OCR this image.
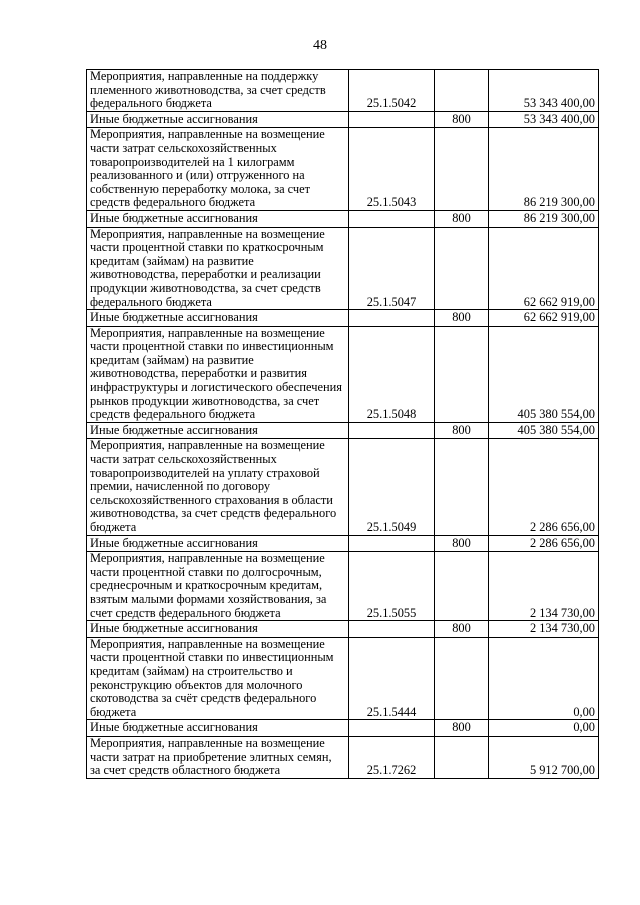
48
Мероприятия, направленные на поддержку племенного животноводства, за счет средств федерального бюджета	25.1.5042		53 343 400,00
Иные бюджетные ассигнования		800	53 343 400,00
Мероприятия, направленные на возмещение части затрат сельскохозяйственных товаропроизводителей на 1 килограмм реализованного и (или) отгруженного на собственную переработку молока, за счет средств федерального бюджета	25.1.5043		86 219 300,00
Иные бюджетные ассигнования		800	86 219 300,00
Мероприятия, направленные на возмещение части процентной ставки по краткосрочным кредитам (займам) на развитие животноводства, переработки и реализации продукции животноводства, за счет средств федерального бюджета	25.1.5047		62 662 919,00
Иные бюджетные ассигнования		800	62 662 919,00
Мероприятия, направленные на возмещение части процентной ставки по инвестиционным кредитам (займам) на развитие животноводства, переработки и развития инфраструктуры и логистического обеспечения рынков продукции животноводства, за счет средств федерального бюджета	25.1.5048		405 380 554,00
Иные бюджетные ассигнования		800	405 380 554,00
Мероприятия, направленные на возмещение части затрат сельскохозяйственных товаропроизводителей на уплату страховой премии, начисленной по договору сельскохозяйственного страхования в области животноводства, за счет средств федерального бюджета	25.1.5049		2 286 656,00
Иные бюджетные ассигнования		800	2 286 656,00
Мероприятия, направленные на возмещение части процентной ставки по долгосрочным, среднесрочным и краткосрочным кредитам, взятым малыми формами хозяйствования, за счет средств федерального бюджета	25.1.5055		2 134 730,00
Иные бюджетные ассигнования		800	2 134 730,00
Мероприятия, направленные на возмещение части процентной ставки по инвестиционным кредитам (займам) на строительство и реконструкцию объектов для молочного скотоводства за счёт средств федерального бюджета	25.1.5444		0,00
Иные бюджетные ассигнования		800	0,00
Мероприятия, направленные на возмещение части затрат на приобретение элитных семян, за счет средств областного бюджета	25.1.7262		5 912 700,00
